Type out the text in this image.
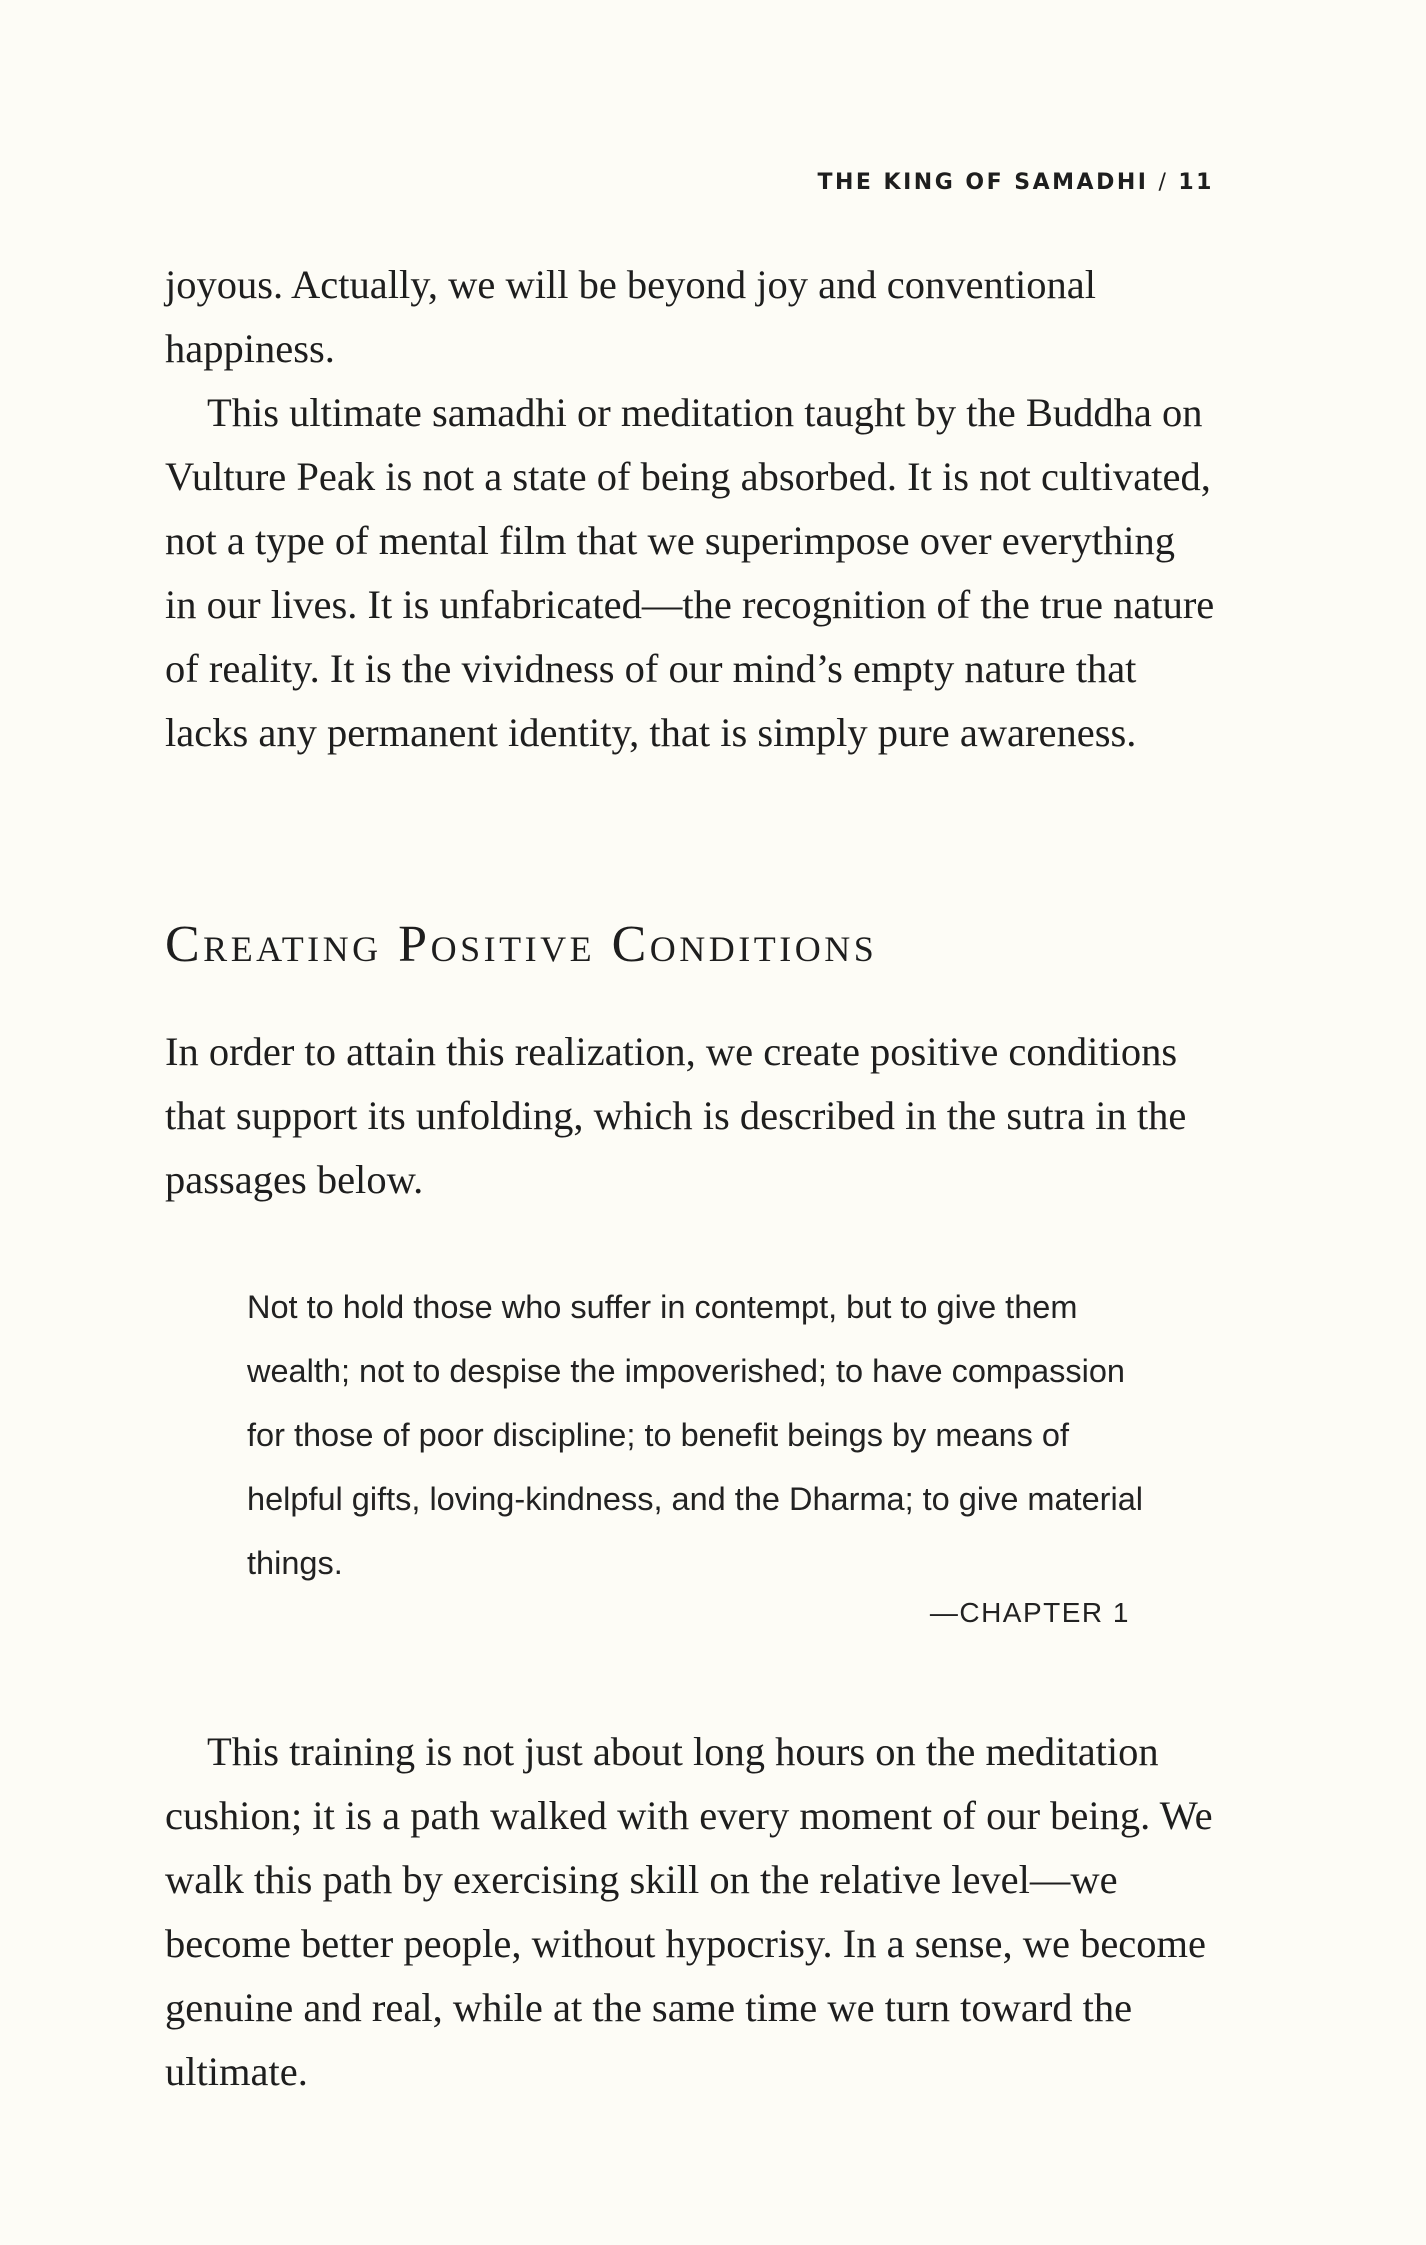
THE KING OF SAMADHI / 11

joyous. Actually, we will be beyond joy and conventional happiness.

This ultimate samadhi or meditation taught by the Buddha on Vulture Peak is not a state of being absorbed. It is not cultivated, not a type of mental film that we superimpose over everything in our lives. It is unfabricated—the recognition of the true nature of reality. It is the vividness of our mind’s empty nature that lacks any permanent identity, that is simply pure awareness.

Creating Positive Conditions

In order to attain this realization, we create positive conditions that support its unfolding, which is described in the sutra in the passages below.

Not to hold those who suffer in contempt, but to give them wealth; not to despise the impoverished; to have compassion for those of poor discipline; to benefit beings by means of helpful gifts, loving-kindness, and the Dharma; to give material things.

—CHAPTER 1

This training is not just about long hours on the meditation cushion; it is a path walked with every moment of our being. We walk this path by exercising skill on the relative level—we become better people, without hypocrisy. In a sense, we become genuine and real, while at the same time we turn toward the ultimate.
